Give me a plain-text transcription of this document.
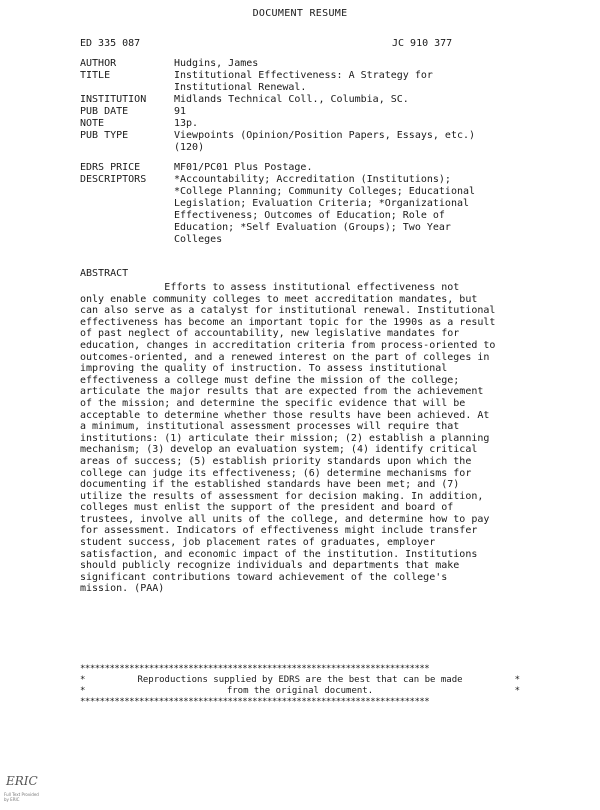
DOCUMENT RESUME
ED 335 087	JC 910 377
AUTHOR	Hudgins, James
TITLE	Institutional Effectiveness: A Strategy for
Institutional Renewal.
INSTITUTION	Midlands Technical Coll., Columbia, SC.
PUB DATE	91
NOTE	13p.
PUB TYPE	Viewpoints (Opinion/Position Papers, Essays, etc.)
(120)
EDRS PRICE	MF01/PC01 Plus Postage.
DESCRIPTORS	*Accountability; Accreditation (Institutions);
*College Planning; Community Colleges; Educational
Legislation; Evaluation Criteria; *Organizational
Effectiveness; Outcomes of Education; Role of
Education; *Self Evaluation (Groups); Two Year
Colleges
ABSTRACT
Efforts to assess institutional effectiveness not
only enable community colleges to meet accreditation mandates, but
can also serve as a catalyst for institutional renewal. Institutional
effectiveness has become an important topic for the 1990s as a result
of past neglect of accountability, new legislative mandates for
education, changes in accreditation criteria from process-oriented to
outcomes-oriented, and a renewed interest on the part of colleges in
improving the quality of instruction. To assess institutional
effectiveness a college must define the mission of the college;
articulate the major results that are expected from the achievement
of the mission; and determine the specific evidence that will be
acceptable to determine whether those results have been achieved. At
a minimum, institutional assessment processes will require that
institutions: (1) articulate their mission; (2) establish a planning
mechanism; (3) develop an evaluation system; (4) identify critical
areas of success; (5) establish priority standards upon which the
college can judge its effectiveness; (6) determine mechanisms for
documenting if the established standards have been met; and (7)
utilize the results of assessment for decision making. In addition,
colleges must enlist the support of the president and board of
trustees, involve all units of the college, and determine how to pay
for assessment. Indicators of effectiveness might include transfer
student success, job placement rates of graduates, employer
satisfaction, and economic impact of the institution. Institutions
should publicly recognize individuals and departments that make
significant contributions toward achievement of the college's
mission. (PAA)
***********************************************************************
*	Reproductions supplied by EDRS are the best that can be made	*
*	from the original document.	*
***********************************************************************
ERIC
Full Text Provided by ERIC
